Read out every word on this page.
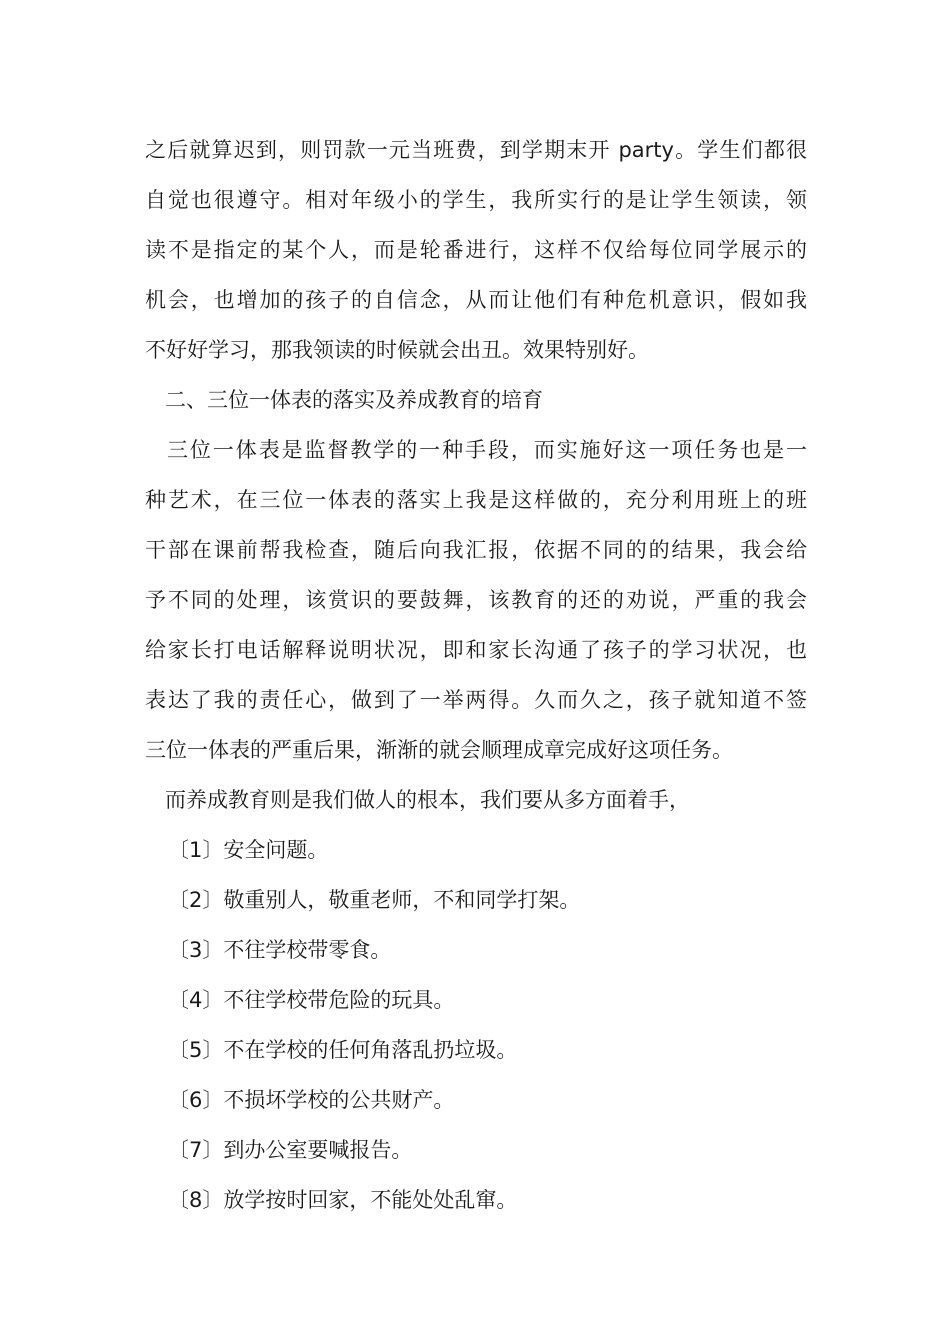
之后就算迟到，则罚款一元当班费，到学期末开 party。学生们都很
自觉也很遵守。相对年级小的学生，我所实行的是让学生领读，领
读不是指定的某个人，而是轮番进行，这样不仅给每位同学展示的
机会，也增加的孩子的自信念，从而让他们有种危机意识，假如我
不好好学习，那我领读的时候就会出丑。效果特别好。
二、三位一体表的落实及养成教育的培育
三位一体表是监督教学的一种手段，而实施好这一项任务也是一
种艺术，在三位一体表的落实上我是这样做的，充分利用班上的班
干部在课前帮我检查，随后向我汇报，依据不同的的结果，我会给
予不同的处理，该赏识的要鼓舞，该教育的还的劝说，严重的我会
给家长打电话解释说明状况，即和家长沟通了孩子的学习状况，也
表达了我的责任心，做到了一举两得。久而久之，孩子就知道不签
三位一体表的严重后果，渐渐的就会顺理成章完成好这项任务。
而养成教育则是我们做人的根本，我们要从多方面着手，
〔1〕安全问题。
〔2〕敬重别人，敬重老师，不和同学打架。
〔3〕不往学校带零食。
〔4〕不往学校带危险的玩具。
〔5〕不在学校的任何角落乱扔垃圾。
〔6〕不损坏学校的公共财产。
〔7〕到办公室要喊报告。
〔8〕放学按时回家，不能处处乱窜。
